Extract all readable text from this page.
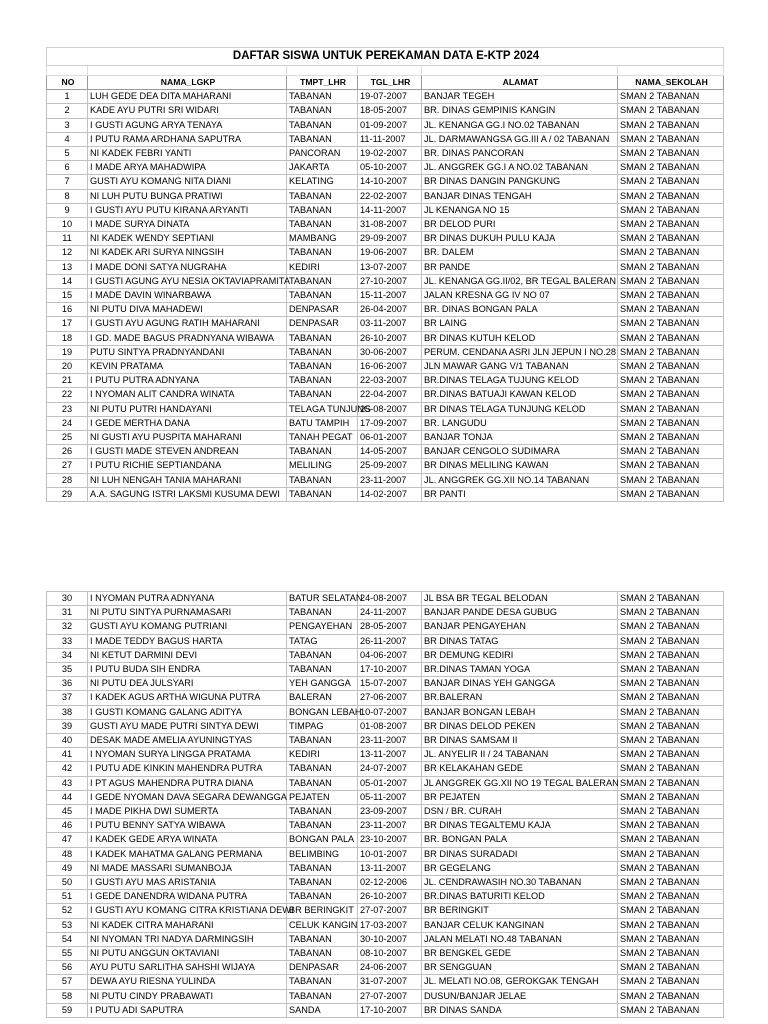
DAFTAR SISWA UNTUK PEREKAMAN DATA E-KTP 2024					

NO	NAMA_LGKP	TMPT_LHR	TGL_LHR	ALAMAT	NAMA_SEKOLAH
1	LUH GEDE DEA DITA MAHARANI	TABANAN	19-07-2007	BANJAR TEGEH	SMAN 2 TABANAN
2	KADE AYU PUTRI SRI WIDARI	TABANAN	18-05-2007	BR. DINAS GEMPINIS KANGIN	SMAN 2 TABANAN
3	I GUSTI AGUNG ARYA TENAYA	TABANAN	01-09-2007	JL. KENANGA GG.I NO.02 TABANAN	SMAN 2 TABANAN
4	I PUTU RAMA ARDHANA SAPUTRA	TABANAN	11-11-2007	JL. DARMAWANGSA GG.III A / 02 TABANAN	SMAN 2 TABANAN
5	NI KADEK FEBRI YANTI	PANCORAN	19-02-2007	BR. DINAS PANCORAN	SMAN 2 TABANAN
6	I MADE ARYA MAHADWIPA	JAKARTA	05-10-2007	JL. ANGGREK GG.I A NO.02 TABANAN	SMAN 2 TABANAN
7	GUSTI AYU KOMANG NITA DIANI	KELATING	14-10-2007	BR DINAS DANGIN PANGKUNG	SMAN 2 TABANAN
8	NI LUH PUTU BUNGA PRATIWI	TABANAN	22-02-2007	BANJAR DINAS TENGAH	SMAN 2 TABANAN
9	I GUSTI AYU PUTU KIRANA ARYANTI	TABANAN	14-11-2007	JL KENANGA NO 15	SMAN 2 TABANAN
10	I MADE SURYA DINATA	TABANAN	31-08-2007	BR DELOD PURI	SMAN 2 TABANAN
11	NI KADEK WENDY SEPTIANI	MAMBANG	29-09-2007	BR DINAS DUKUH PULU KAJA	SMAN 2 TABANAN
12	NI KADEK ARI SURYA NINGSIH	TABANAN	19-06-2007	BR. DALEM	SMAN 2 TABANAN
13	I MADE DONI SATYA NUGRAHA	KEDIRI	13-07-2007	BR PANDE	SMAN 2 TABANAN
14	I GUSTI AGUNG AYU NESIA OKTAVIAPRAMITA	TABANAN	27-10-2007	JL. KENANGA GG.II/02, BR TEGAL BALERAN	SMAN 2 TABANAN
15	I MADE DAVIN WINARBAWA	TABANAN	15-11-2007	JALAN KRESNA GG IV NO 07	SMAN 2 TABANAN
16	NI PUTU DIVA MAHADEWI	DENPASAR	26-04-2007	BR. DINAS BONGAN PALA	SMAN 2 TABANAN
17	I GUSTI AYU AGUNG RATIH MAHARANI	DENPASAR	03-11-2007	BR LAING	SMAN 2 TABANAN
18	I GD. MADE BAGUS PRADNYANA WIBAWA	TABANAN	26-10-2007	BR DINAS KUTUH KELOD	SMAN 2 TABANAN
19	PUTU SINTYA PRADNYANDANI	TABANAN	30-06-2007	PERUM. CENDANA ASRI JLN JEPUN I NO.28	SMAN 2 TABANAN
20	KEVIN PRATAMA	TABANAN	16-06-2007	JLN MAWAR GANG V/1 TABANAN	SMAN 2 TABANAN
21	I PUTU PUTRA ADNYANA	TABANAN	22-03-2007	BR.DINAS TELAGA TUJUNG KELOD	SMAN 2 TABANAN
22	I NYOMAN ALIT CANDRA WINATA	TABANAN	22-04-2007	BR.DINAS BATUAJI KAWAN KELOD	SMAN 2 TABANAN
23	NI PUTU PUTRI HANDAYANI	TELAGA TUNJUNG	25-08-2007	BR DINAS TELAGA TUNJUNG KELOD	SMAN 2 TABANAN
24	I GEDE MERTHA DANA	BATU TAMPIH	17-09-2007	BR. LANGUDU	SMAN 2 TABANAN
25	NI GUSTI AYU PUSPITA MAHARANI	TANAH PEGAT	06-01-2007	BANJAR TONJA	SMAN 2 TABANAN
26	I GUSTI MADE STEVEN ANDREAN	TABANAN	14-05-2007	BANJAR CENGOLO SUDIMARA	SMAN 2 TABANAN
27	I PUTU RICHIE SEPTIANDANA	MELILING	25-09-2007	BR DINAS MELILING KAWAN	SMAN 2 TABANAN
28	NI LUH NENGAH TANIA MAHARANI	TABANAN	23-11-2007	JL. ANGGREK GG.XII NO.14 TABANAN	SMAN 2 TABANAN
29	A.A. SAGUNG ISTRI LAKSMI KUSUMA DEWI	TABANAN	14-02-2007	BR PANTI	SMAN 2 TABANAN
30	I NYOMAN PUTRA ADNYANA	BATUR SELATAN	24-08-2007	JL BSA BR TEGAL BELODAN	SMAN 2 TABANAN
31	NI PUTU SINTYA PURNAMASARI	TABANAN	24-11-2007	BANJAR PANDE DESA GUBUG	SMAN 2 TABANAN
32	GUSTI AYU KOMANG PUTRIANI	PENGAYEHAN	28-05-2007	BANJAR PENGAYEHAN	SMAN 2 TABANAN
33	I MADE TEDDY BAGUS HARTA	TATAG	26-11-2007	BR DINAS TATAG	SMAN 2 TABANAN
34	NI KETUT DARMINI DEVI	TABANAN	04-06-2007	BR DEMUNG KEDIRI	SMAN 2 TABANAN
35	I PUTU BUDA SIH ENDRA	TABANAN	17-10-2007	BR.DINAS TAMAN YOGA	SMAN 2 TABANAN
36	NI PUTU DEA JULSYARI	YEH GANGGA	15-07-2007	BANJAR DINAS YEH GANGGA	SMAN 2 TABANAN
37	I KADEK AGUS ARTHA WIGUNA PUTRA	BALERAN	27-06-2007	BR.BALERAN	SMAN 2 TABANAN
38	I GUSTI KOMANG GALANG ADITYA	BONGAN LEBAH	10-07-2007	BANJAR BONGAN LEBAH	SMAN 2 TABANAN
39	GUSTI AYU MADE PUTRI SINTYA DEWI	TIMPAG	01-08-2007	BR DINAS DELOD PEKEN	SMAN 2 TABANAN
40	DESAK MADE AMELIA AYUNINGTYAS	TABANAN	23-11-2007	BR DINAS SAMSAM II	SMAN 2 TABANAN
41	I NYOMAN SURYA LINGGA PRATAMA	KEDIRI	13-11-2007	JL. ANYELIR II / 24 TABANAN	SMAN 2 TABANAN
42	I PUTU ADE KINKIN MAHENDRA PUTRA	TABANAN	24-07-2007	BR KELAKAHAN GEDE	SMAN 2 TABANAN
43	I PT AGUS MAHENDRA PUTRA DIANA	TABANAN	05-01-2007	JL ANGGREK GG.XII NO 19 TEGAL BALERAN	SMAN 2 TABANAN
44	I GEDE NYOMAN DAVA SEGARA DEWANGGA	PEJATEN	05-11-2007	BR PEJATEN	SMAN 2 TABANAN
45	I MADE PIKHA DWI SUMERTA	TABANAN	23-09-2007	DSN / BR. CURAH	SMAN 2 TABANAN
46	I PUTU BENNY SATYA WIBAWA	TABANAN	23-11-2007	BR DINAS TEGALTEMU KAJA	SMAN 2 TABANAN
47	I KADEK GEDE ARYA WINATA	BONGAN PALA	23-10-2007	BR. BONGAN PALA	SMAN 2 TABANAN
48	I KADEK MAHATMA GALANG PERMANA	BELIMBING	10-01-2007	BR DINAS SURADADI	SMAN 2 TABANAN
49	NI MADE MASSARI SUMANBOJA	TABANAN	13-11-2007	BR GEGELANG	SMAN 2 TABANAN
50	I GUSTI AYU MAS ARISTANIA	TABANAN	02-12-2006	JL. CENDRAWASIH NO.30 TABANAN	SMAN 2 TABANAN
51	I GEDE DANENDRA WIDANA PUTRA	TABANAN	26-10-2007	BR.DINAS BATURITI KELOD	SMAN 2 TABANAN
52	I GUSTI AYU KOMANG CITRA KRISTIANA DEWI	BR BERINGKIT	27-07-2007	BR BERINGKIT	SMAN 2 TABANAN
53	NI KADEK CITRA MAHARANI	CELUK KANGIN	17-03-2007	BANJAR CELUK KANGINAN	SMAN 2 TABANAN
54	NI NYOMAN TRI NADYA DARMINGSIH	TABANAN	30-10-2007	JALAN MELATI NO.48 TABANAN	SMAN 2 TABANAN
55	NI PUTU ANGGUN OKTAVIANI	TABANAN	08-10-2007	BR BENGKEL GEDE	SMAN 2 TABANAN
56	AYU PUTU SARLITHA SAHSHI WIJAYA	DENPASAR	24-06-2007	BR SENGGUAN	SMAN 2 TABANAN
57	DEWA AYU RIESNA YULINDA	TABANAN	31-07-2007	JL. MELATI NO.08, GEROKGAK TENGAH	SMAN 2 TABANAN
58	NI PUTU CINDY PRABAWATI	TABANAN	27-07-2007	DUSUN/BANJAR JELAE	SMAN 2 TABANAN
59	I PUTU ADI SAPUTRA	SANDA	17-10-2007	BR DINAS SANDA	SMAN 2 TABANAN
